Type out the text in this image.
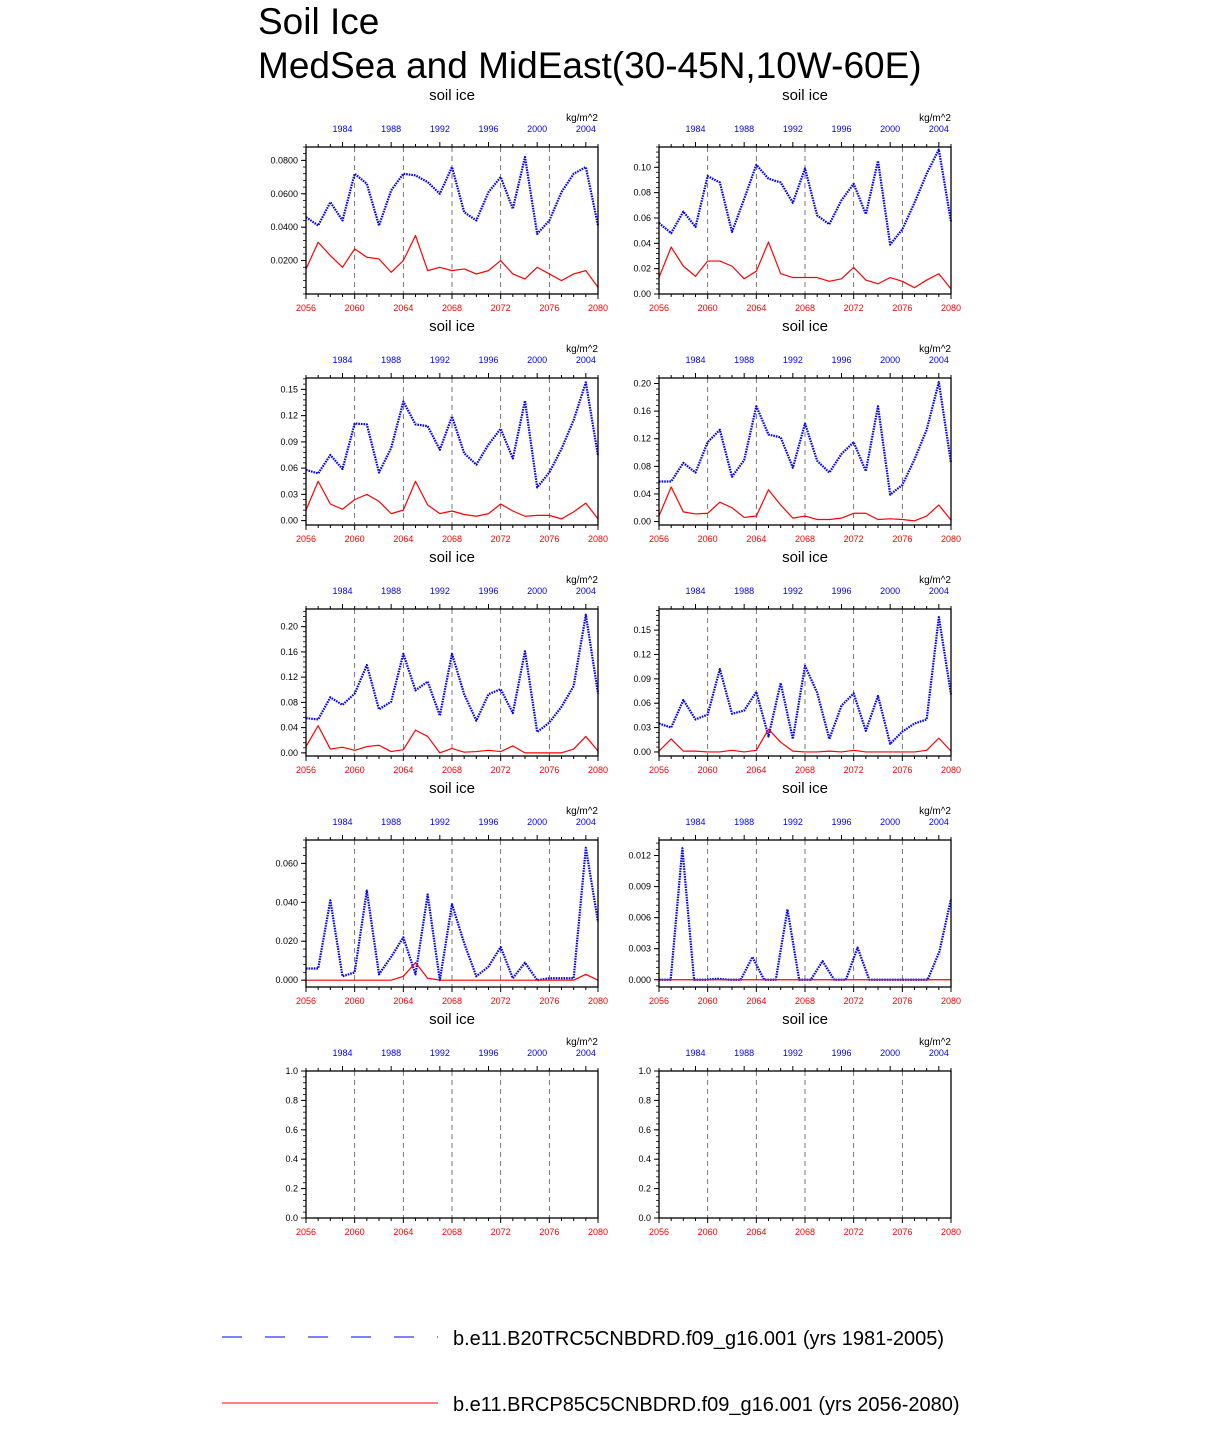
Soil Ice
MedSea and MidEast(30-45N,10W-60E)
0.0200
0.0400
0.0600
0.0800
2056	2060	2064	2068	2072	2076	2080
1984	1988	1992	1996	2000	2004
kg/m^2
soil ice
0.00
0.02
0.04
0.06
0.08
0.10
2056	2060	2064	2068	2072	2076	2080
1984	1988	1992	1996	2000	2004
kg/m^2
soil ice
0.00
0.03
0.06
0.09
0.12
0.15
2056	2060	2064	2068	2072	2076	2080
1984	1988	1992	1996	2000	2004
kg/m^2
soil ice
0.00
0.04
0.08
0.12
0.16
0.20
2056	2060	2064	2068	2072	2076	2080
1984	1988	1992	1996	2000	2004
kg/m^2
soil ice
0.00
0.04
0.08
0.12
0.16
0.20
2056	2060	2064	2068	2072	2076	2080
1984	1988	1992	1996	2000	2004
kg/m^2
soil ice
0.00
0.03
0.06
0.09
0.12
0.15
2056	2060	2064	2068	2072	2076	2080
1984	1988	1992	1996	2000	2004
kg/m^2
soil ice
0.000
0.020
0.040
0.060
2056	2060	2064	2068	2072	2076	2080
1984	1988	1992	1996	2000	2004
kg/m^2
soil ice
0.000
0.003
0.006
0.009
0.012
2056	2060	2064	2068	2072	2076	2080
1984	1988	1992	1996	2000	2004
kg/m^2
soil ice
0.0
0.2
0.4
0.6
0.8
1.0
2056	2060	2064	2068	2072	2076	2080
1984	1988	1992	1996	2000	2004
kg/m^2
soil ice
0.0
0.2
0.4
0.6
0.8
1.0
2056	2060	2064	2068	2072	2076	2080
1984	1988	1992	1996	2000	2004
kg/m^2
soil ice
b.e11.B20TRC5CNBDRD.f09_g16.001 (yrs 1981-2005)
b.e11.BRCP85C5CNBDRD.f09_g16.001 (yrs 2056-2080)
